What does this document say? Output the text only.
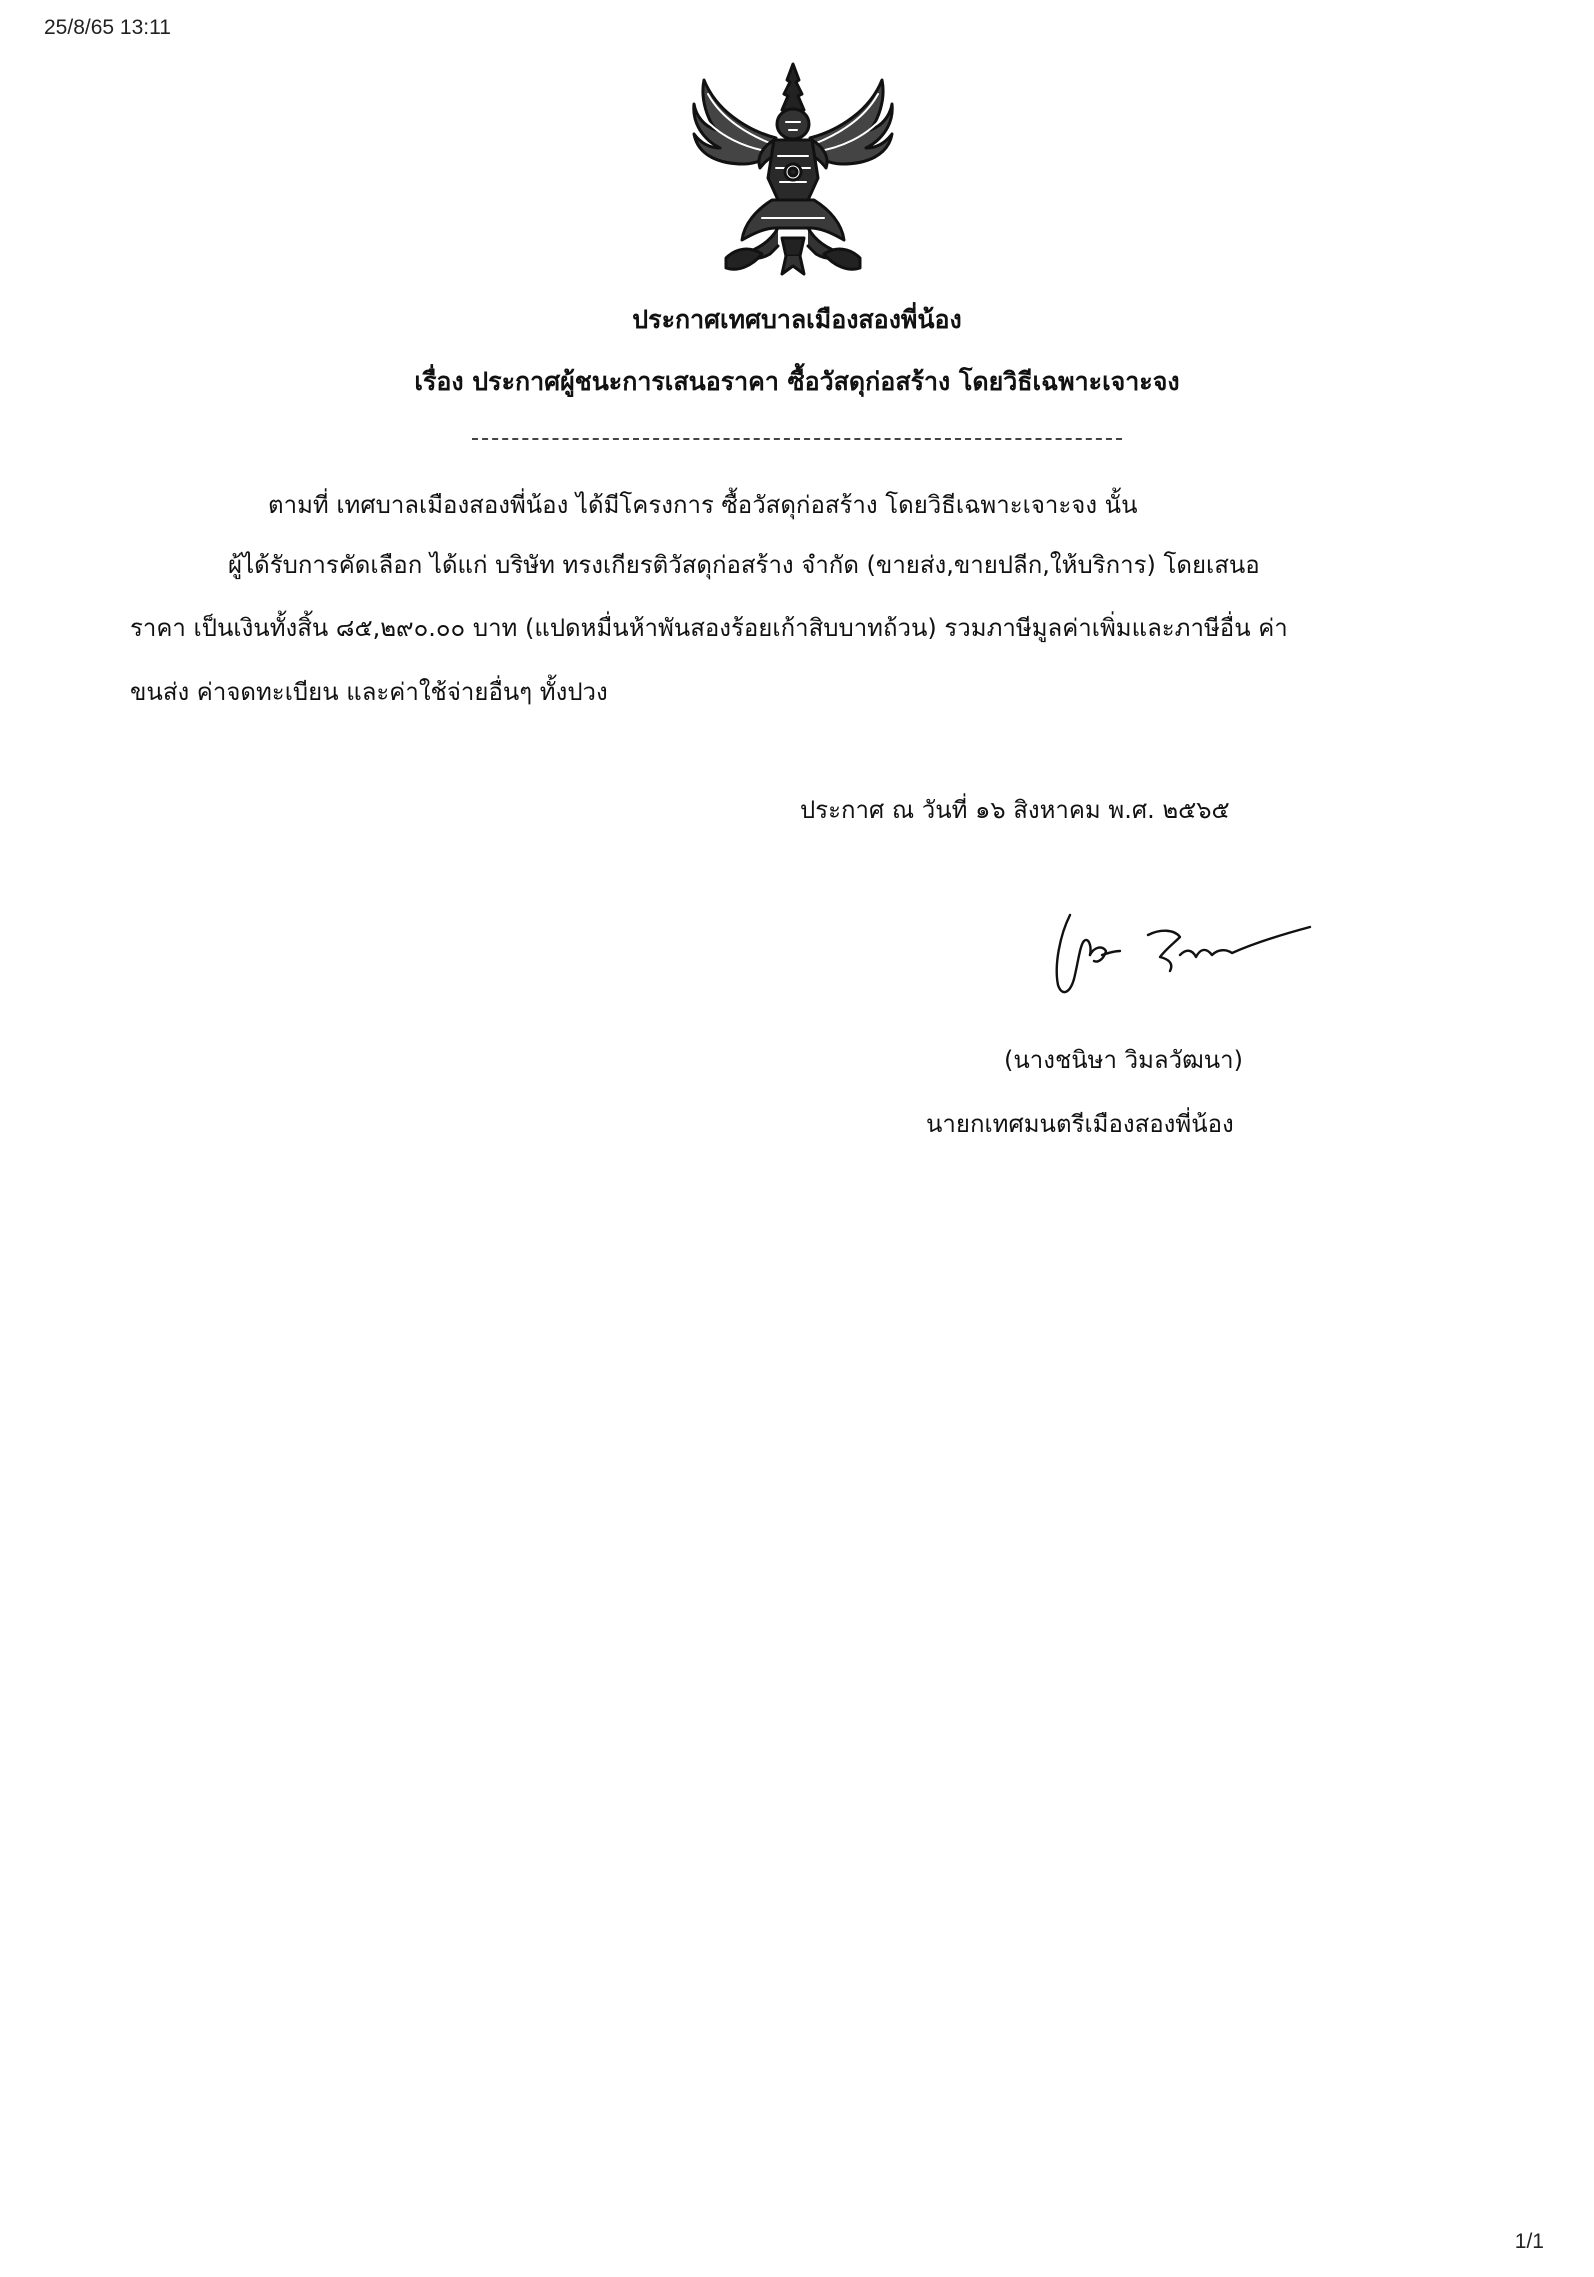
25/8/65 13:11
ประกาศเทศบาลเมืองสองพี่น้อง
เรื่อง ประกาศผู้ชนะการเสนอราคา ซื้อวัสดุก่อสร้าง โดยวิธีเฉพาะเจาะจง
ตามที่ เทศบาลเมืองสองพี่น้อง ได้มีโครงการ ซื้อวัสดุก่อสร้าง โดยวิธีเฉพาะเจาะจง นั้น
ผู้ได้รับการคัดเลือก ได้แก่ บริษัท ทรงเกียรติวัสดุก่อสร้าง จำกัด (ขายส่ง,ขายปลีก,ให้บริการ) โดยเสนอ
ราคา เป็นเงินทั้งสิ้น ๘๕,๒๙๐.๐๐ บาท (แปดหมื่นห้าพันสองร้อยเก้าสิบบาทถ้วน) รวมภาษีมูลค่าเพิ่มและภาษีอื่น ค่า
ขนส่ง ค่าจดทะเบียน และค่าใช้จ่ายอื่นๆ ทั้งปวง
ประกาศ ณ วันที่ ๑๖ สิงหาคม พ.ศ. ๒๕๖๕
(นางชนิษา วิมลวัฒนา)
นายกเทศมนตรีเมืองสองพี่น้อง
1/1
